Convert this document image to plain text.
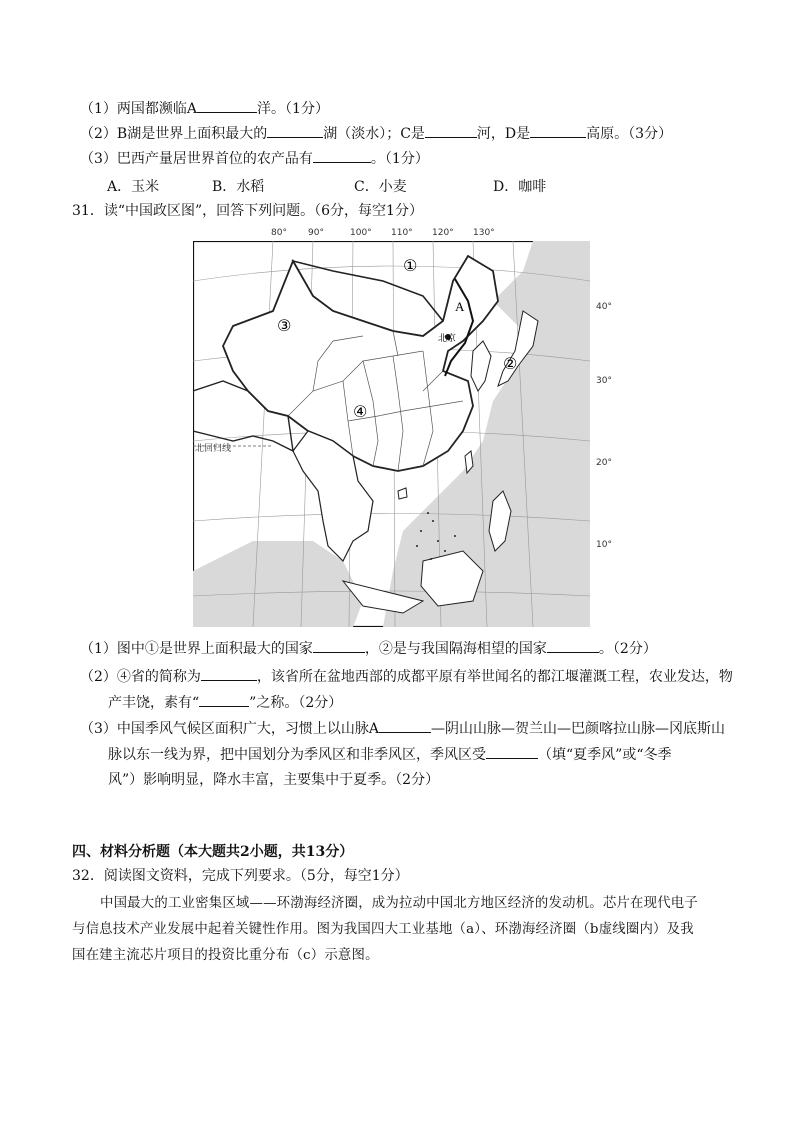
（1）两国都濒临A	洋。（1分）
（2）B湖是世界上面积最大的	湖（淡水）；C是	河，D是	高原。（3分）
（3）巴西产量居世界首位的农产品有	。（1分）
A．玉米	B．水稻	C．小麦	D．咖啡
31．读“中国政区图”，回答下列问题。（6分，每空1分）
80° 90°	100° 110° 120° 130°
A
北京
北回归线
①
②
③
④
40°
30°
20°
10°
（1）图中①是世界上面积最大的国家	，②是与我国隔海相望的国家	。（2分）
（2）④省的简称为	，该省所在盆地西部的成都平原有举世闻名的都江堰灌溉工程，农业发达，物
产丰饶，素有“	”之称。（2分）
（3）中国季风气候区面积广大，习惯上以山脉A	—阴山山脉—贺兰山—巴颜喀拉山脉—冈底斯山
脉以东一线为界，把中国划分为季风区和非季风区，季风区受	（填“夏季风”或“冬季
风”）影响明显，降水丰富，主要集中于夏季。（2分）
四、材料分析题（本大题共2小题，共13分）
32．阅读图文资料，完成下列要求。（5分，每空1分）
中国最大的工业密集区域——环渤海经济圈，成为拉动中国北方地区经济的发动机。芯片在现代电子
与信息技术产业发展中起着关键性作用。图为我国四大工业基地（a）、环渤海经济圈（b虚线圈内）及我
国在建主流芯片项目的投资比重分布（c）示意图。
